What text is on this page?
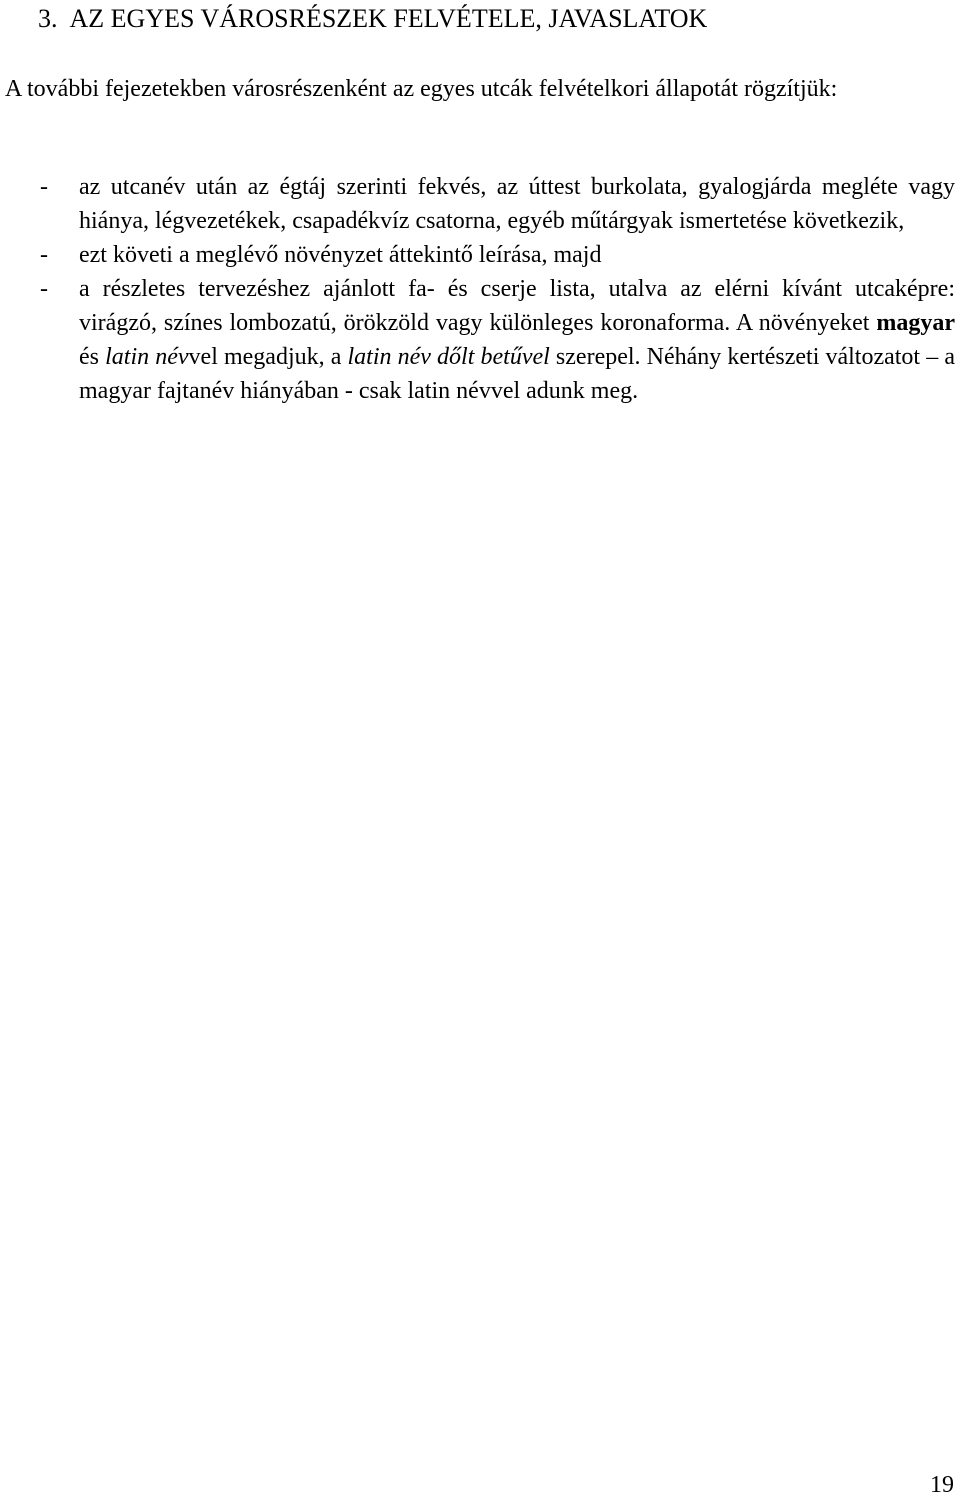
3. AZ EGYES VÁROSRÉSZEK FELVÉTELE, JAVASLATOK

A további fejezetekben városrészenként az egyes utcák felvételkori állapotát rögzítjük:

- az utcanév után az égtáj szerinti fekvés, az úttest burkolata, gyalogjárda megléte vagy hiánya, légvezetékek, csapadékvíz csatorna, egyéb műtárgyak ismertetése következik,
- ezt követi a meglévő növényzet áttekintő leírása, majd
- a részletes tervezéshez ajánlott fa- és cserje lista, utalva az elérni kívánt utcaképre: virágzó, színes lombozatú, örökzöld vagy különleges koronaforma. A növényeket magyar és latin névvel megadjuk, a latin név dőlt betűvel szerepel. Néhány kertészeti változatot – a magyar fajtanév hiányában - csak latin névvel adunk meg.
19
